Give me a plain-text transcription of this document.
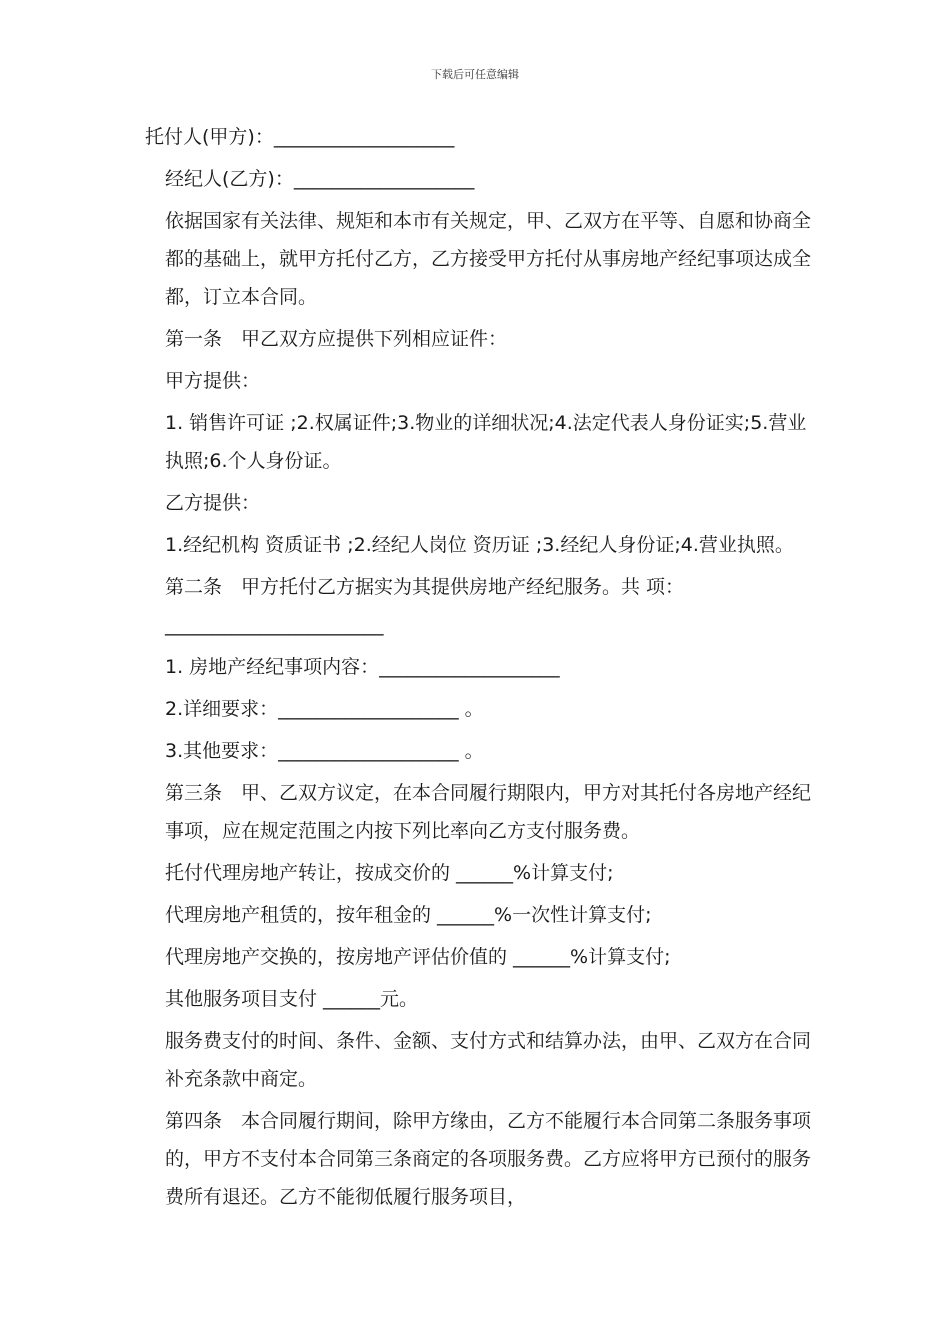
下载后可任意编辑

托付人(甲方)：___________________

经纪人(乙方)：___________________

依据国家有关法律、规矩和本市有关规定，甲、乙双方在平等、自愿和协商全都的基础上，就甲方托付乙方，乙方接受甲方托付从事房地产经纪事项达成全都，订立本合同。

第一条　甲乙双方应提供下列相应证件：

甲方提供：

1. 销售许可证 ;2.权属证件;3.物业的详细状况;4.法定代表人身份证实;5.营业执照;6.个人身份证。

乙方提供：

1.经纪机构 资质证书 ;2.经纪人岗位 资历证 ;3.经纪人身份证;4.营业执照。

第二条　甲方托付乙方据实为其提供房地产经纪服务。共 项：_______________________

1. 房地产经纪事项内容：___________________

2.详细要求：___________________ 。

3.其他要求：___________________ 。

第三条　甲、乙双方议定，在本合同履行期限内，甲方对其托付各房地产经纪事项，应在规定范围之内按下列比率向乙方支付服务费。

托付代理房地产转让，按成交价的 ______%计算支付;

代理房地产租赁的，按年租金的 ______%一次性计算支付;

代理房地产交换的，按房地产评估价值的 ______%计算支付;

其他服务项目支付 ______元。

服务费支付的时间、条件、金额、支付方式和结算办法，由甲、乙双方在合同补充条款中商定。

第四条　本合同履行期间，除甲方缘由，乙方不能履行本合同第二条服务事项的，甲方不支付本合同第三条商定的各项服务费。乙方应将甲方已预付的服务费所有退还。乙方不能彻低履行服务项目，
